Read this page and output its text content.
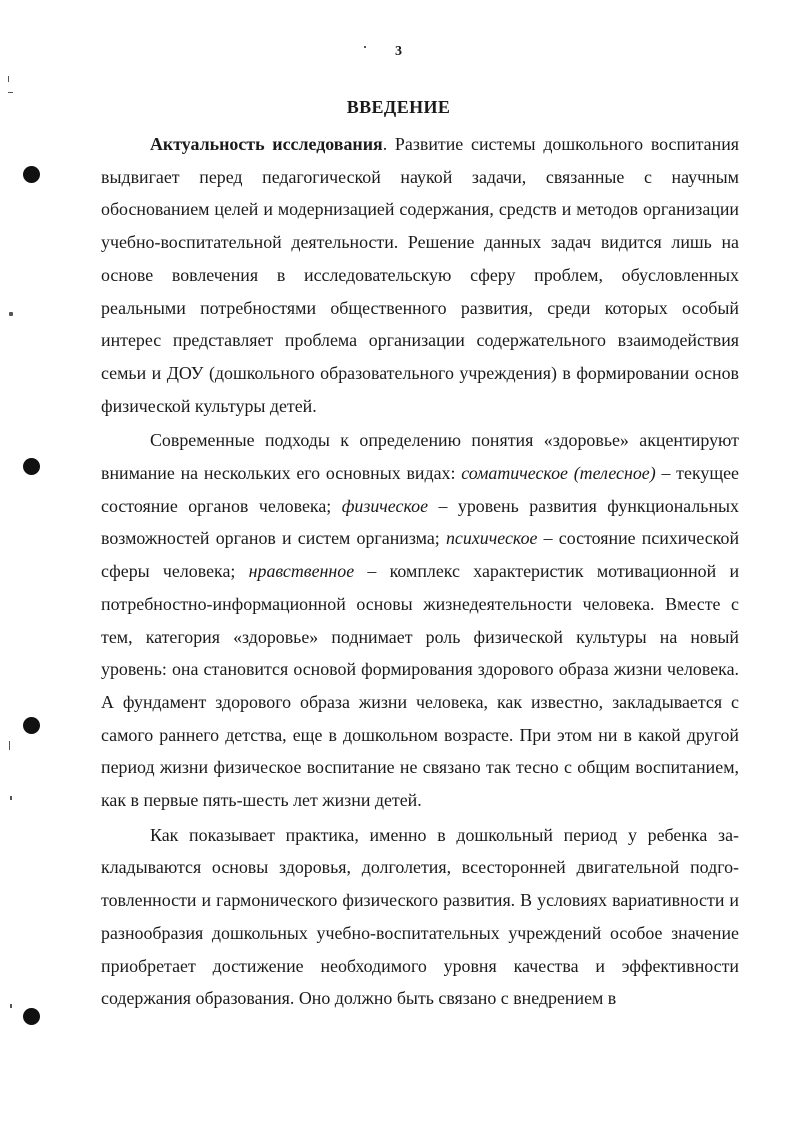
3
ВВЕДЕНИЕ

Актуальность исследования. Развитие системы дошкольного воспитания выдвигает перед педагогической наукой задачи, связанные с научным обоснованием целей и модернизацией содержания, средств и методов организации учебно-воспитательной деятельности. Решение данных задач видится лишь на основе вовлечения в исследовательскую сферу проблем, обусловленных реальными потребностями общественного развития, среди которых особый интерес представляет проблема организации содержательного взаимодействия семьи и ДОУ (дошкольного образовательного учреждения) в формировании основ физической культуры детей.

Современные подходы к определению понятия «здоровье» акцентируют внимание на нескольких его основных видах: соматическое (телесное) – текущее состояние органов человека; физическое – уровень развития функциональных возможностей органов и систем организма; психическое – состояние психической сферы человека; нравственное – комплекс характеристик мотивационной и потребностно-информационной основы жизнедеятельности человека. Вместе с тем, категория «здоровье» поднимает роль физической культуры на новый уровень: она становится основой формирования здорового образа жизни человека. А фундамент здорового образа жизни человека, как известно, закладывается с самого раннего детства, еще в дошкольном возрасте. При этом ни в какой другой период жизни физическое воспитание не связано так тесно с общим воспитанием, как в первые пять-шесть лет жизни детей.

Как показывает практика, именно в дошкольный период у ребенка закладываются основы здоровья, долголетия, всесторонней двигательной подготовленности и гармонического физического развития. В условиях вариативности и разнообразия дошкольных учебно-воспитательных учреждений особое значение приобретает достижение необходимого уровня качества и эффективности содержания образования. Оно должно быть связано с внедрением в
